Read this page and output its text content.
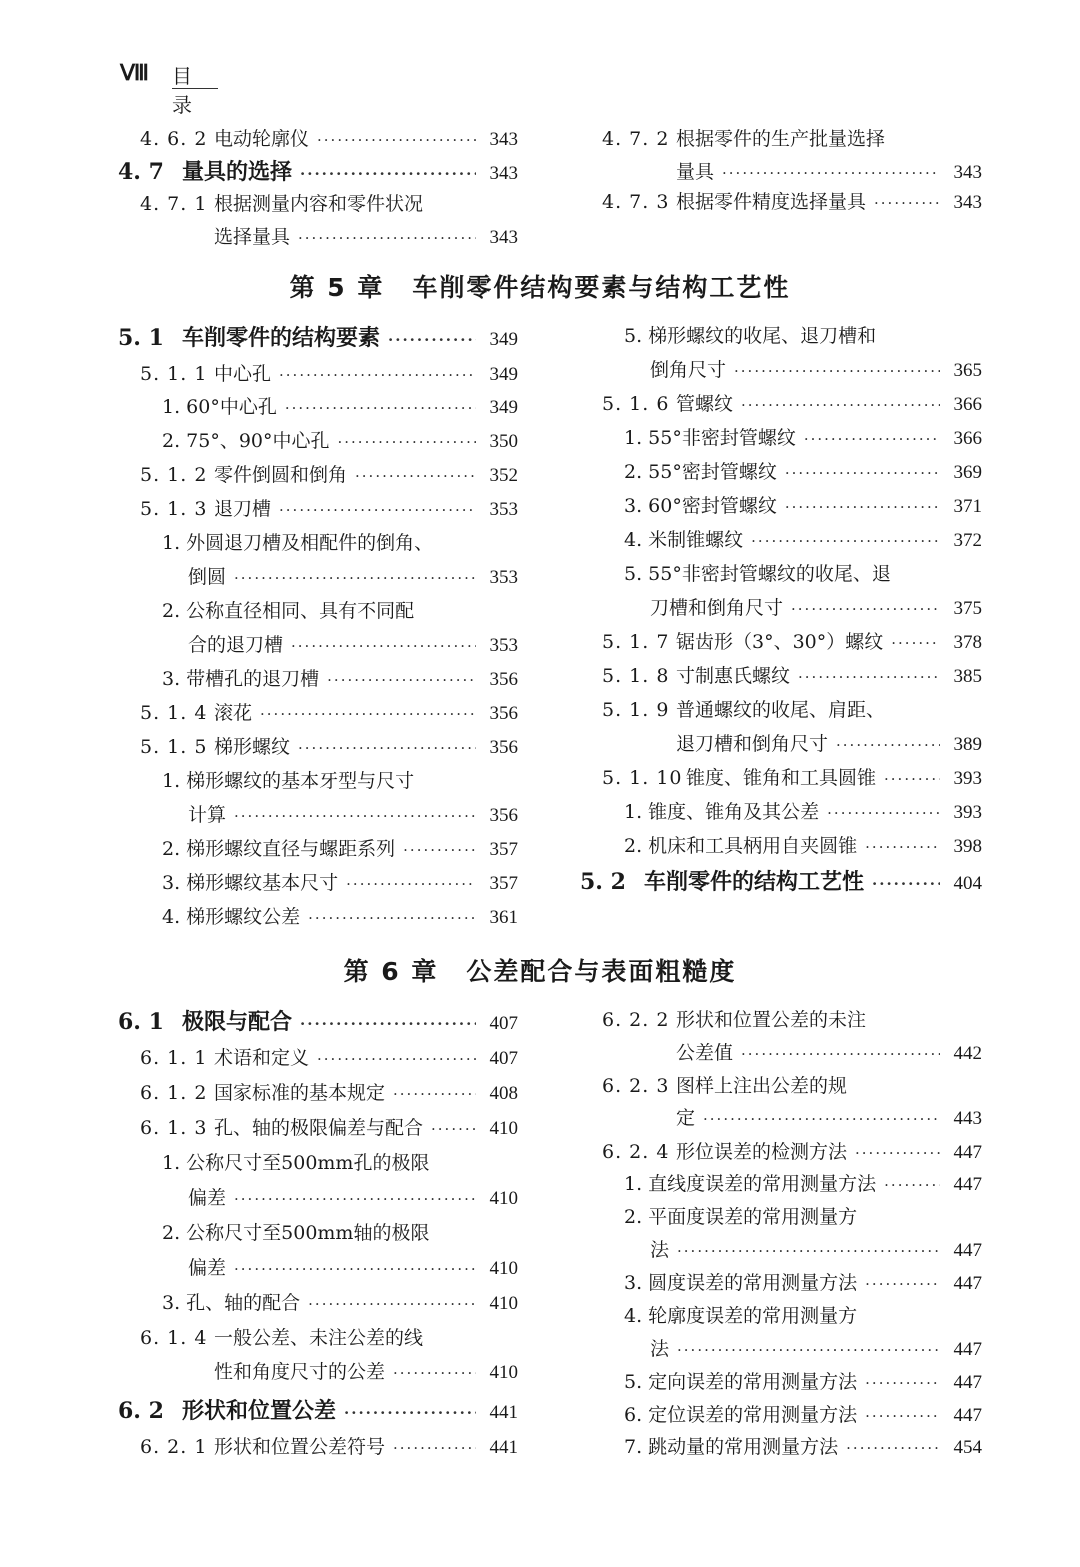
Ⅷ 目录
4. 6. 2 电动轮廓仪 ·····	343
4. 7 量具的选择 ·····	343
4. 7. 1 根据测量内容和零件状况
选择量具 ·····	343
4. 7. 2 根据零件的生产批量选择
量具 ·····	343
4. 7. 3 根据零件精度选择量具 ·····	343
第 5 章 车削零件结构要素与结构工艺性
5. 1 车削零件的结构要素 ·····	349
5. 1. 1 中心孔 ·····	349
1. 60°中心孔 ·····	349
2. 75°、90°中心孔 ·····	350
5. 1. 2 零件倒圆和倒角 ·····	352
5. 1. 3 退刀槽 ·····	353
1. 外圆退刀槽及相配件的倒角、
倒圆 ·····	353
2. 公称直径相同、具有不同配
合的退刀槽 ·····	353
3. 带槽孔的退刀槽 ·····	356
5. 1. 4 滚花 ·····	356
5. 1. 5 梯形螺纹 ·····	356
1. 梯形螺纹的基本牙型与尺寸
计算 ·····	356
2. 梯形螺纹直径与螺距系列 ·····	357
3. 梯形螺纹基本尺寸 ·····	357
4. 梯形螺纹公差 ·····	361
5. 梯形螺纹的收尾、退刀槽和
倒角尺寸 ·····	365
5. 1. 6 管螺纹 ·····	366
1. 55°非密封管螺纹 ·····	366
2. 55°密封管螺纹 ·····	369
3. 60°密封管螺纹 ·····	371
4. 米制锥螺纹 ·····	372
5. 55°非密封管螺纹的收尾、退
刀槽和倒角尺寸 ·····	375
5. 1. 7 锯齿形（3°、30°）螺纹 ·····	378
5. 1. 8 寸制惠氏螺纹 ·····	385
5. 1. 9 普通螺纹的收尾、肩距、
退刀槽和倒角尺寸 ·····	389
5. 1. 10 锥度、锥角和工具圆锥 ·····	393
1. 锥度、锥角及其公差 ·····	393
2. 机床和工具柄用自夹圆锥 ·····	398
5. 2 车削零件的结构工艺性 ·····	404
第 6 章 公差配合与表面粗糙度
6. 1 极限与配合 ·····	407
6. 1. 1 术语和定义 ·····	407
6. 1. 2 国家标准的基本规定 ·····	408
6. 1. 3 孔、轴的极限偏差与配合 ·····	410
1. 公称尺寸至500mm孔的极限
偏差 ·····	410
2. 公称尺寸至500mm轴的极限
偏差 ·····	410
3. 孔、轴的配合 ·····	410
6. 1. 4 一般公差、未注公差的线
性和角度尺寸的公差 ·····	410
6. 2 形状和位置公差 ·····	441
6. 2. 1 形状和位置公差符号 ·····	441
6. 2. 2 形状和位置公差的未注
公差值 ·····	442
6. 2. 3 图样上注出公差的规
定 ·····	443
6. 2. 4 形位误差的检测方法 ·····	447
1. 直线度误差的常用测量方法 ·····	447
2. 平面度误差的常用测量方
法 ·····	447
3. 圆度误差的常用测量方法 ·····	447
4. 轮廓度误差的常用测量方
法 ·····	447
5. 定向误差的常用测量方法 ·····	447
6. 定位误差的常用测量方法 ·····	447
7. 跳动量的常用测量方法 ·····	454
